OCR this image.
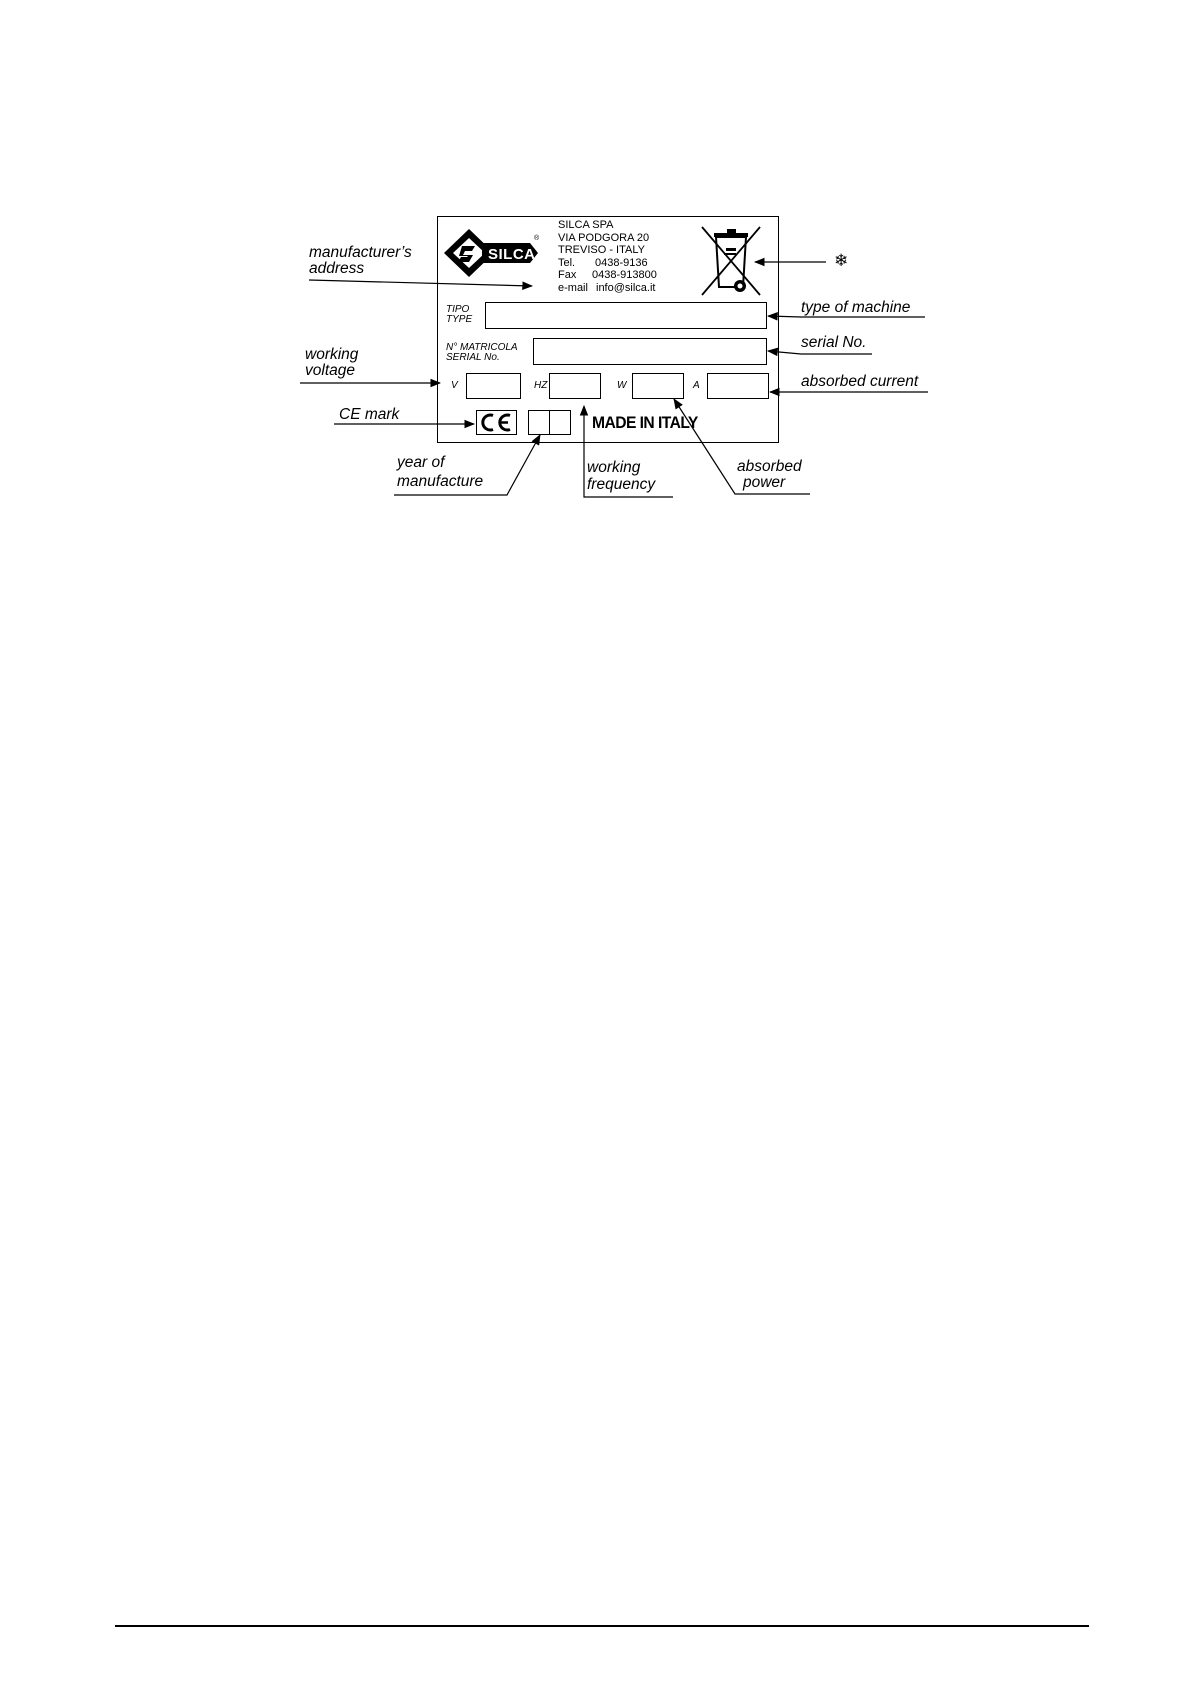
SILCA
®
SILCA SPA
VIA PODGORA 20
TREVISO - ITALY
Tel. 0438-9136
Fax 0438-913800
e-mail info@silca.it
TIPO
TYPE
N° MATRICOLA
SERIAL No.
V	HZ	W	A
MADE IN ITALY
manufacturer’s
address
working
voltage
CE mark
year of
manufacture
working
frequency
absorbed
power
type of machine
serial No.
absorbed current
❄
